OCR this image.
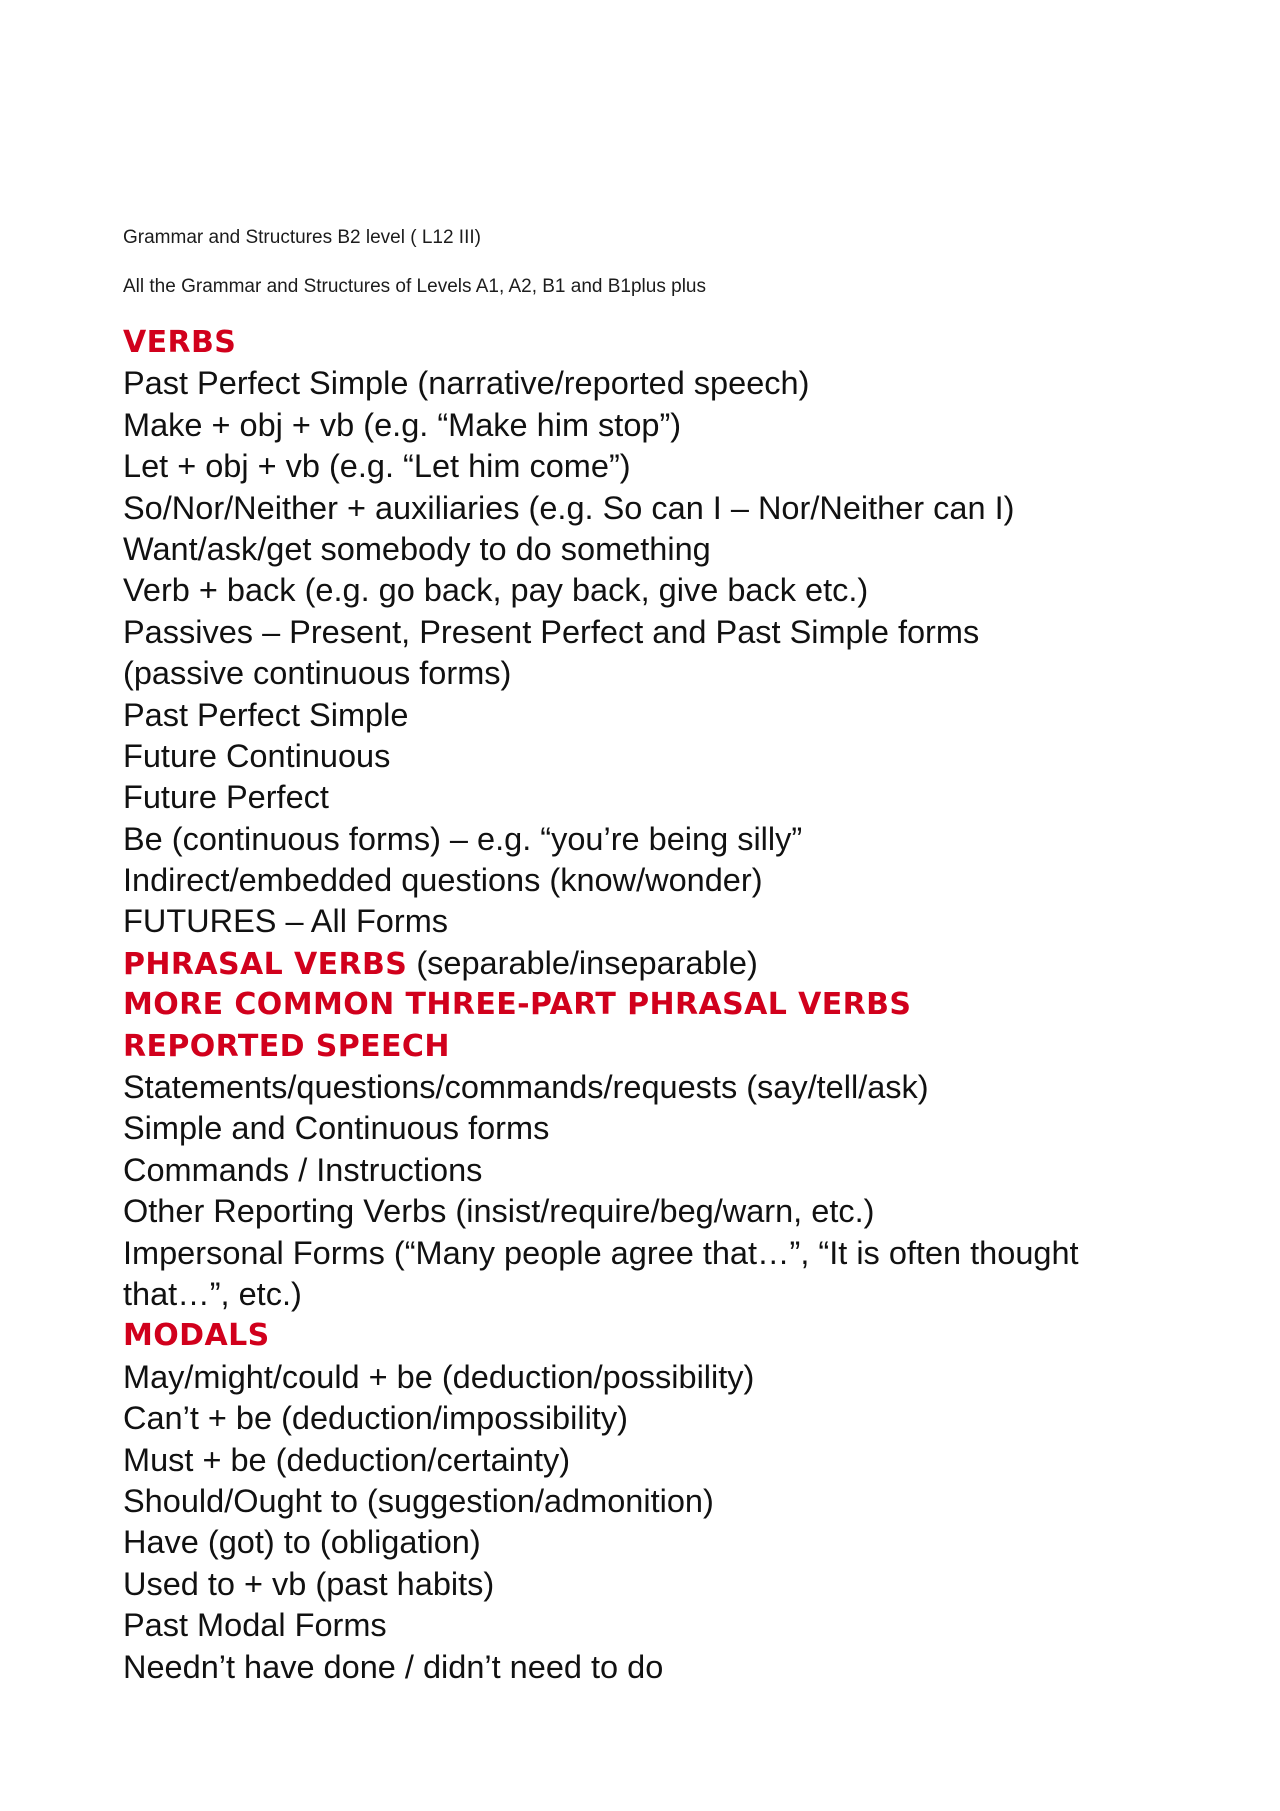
Grammar and Structures B2 level ( L12 III)
All the Grammar and Structures of Levels A1, A2, B1 and B1plus plus
VERBS
Past Perfect Simple (narrative/reported speech)
Make + obj + vb (e.g. “Make him stop”)
Let + obj + vb (e.g. “Let him come”)
So/Nor/Neither + auxiliaries (e.g. So can I – Nor/Neither can I)
Want/ask/get somebody to do something
Verb + back (e.g. go back, pay back, give back etc.)
Passives – Present, Present Perfect and Past Simple forms
(passive continuous forms)
Past Perfect Simple
Future Continuous
Future Perfect
Be (continuous forms) – e.g. “you’re being silly”
Indirect/embedded questions (know/wonder)
FUTURES – All Forms
PHRASAL VERBS (separable/inseparable)
MORE COMMON THREE-PART PHRASAL VERBS
REPORTED SPEECH
Statements/questions/commands/requests (say/tell/ask)
Simple and Continuous forms
Commands / Instructions
Other Reporting Verbs (insist/require/beg/warn, etc.)
Impersonal Forms (“Many people agree that…”, “It is often thought
that…”, etc.)
MODALS
May/might/could + be (deduction/possibility)
Can’t + be (deduction/impossibility)
Must + be (deduction/certainty)
Should/Ought to (suggestion/admonition)
Have (got) to (obligation)
Used to + vb (past habits)
Past Modal Forms
Needn’t have done / didn’t need to do
